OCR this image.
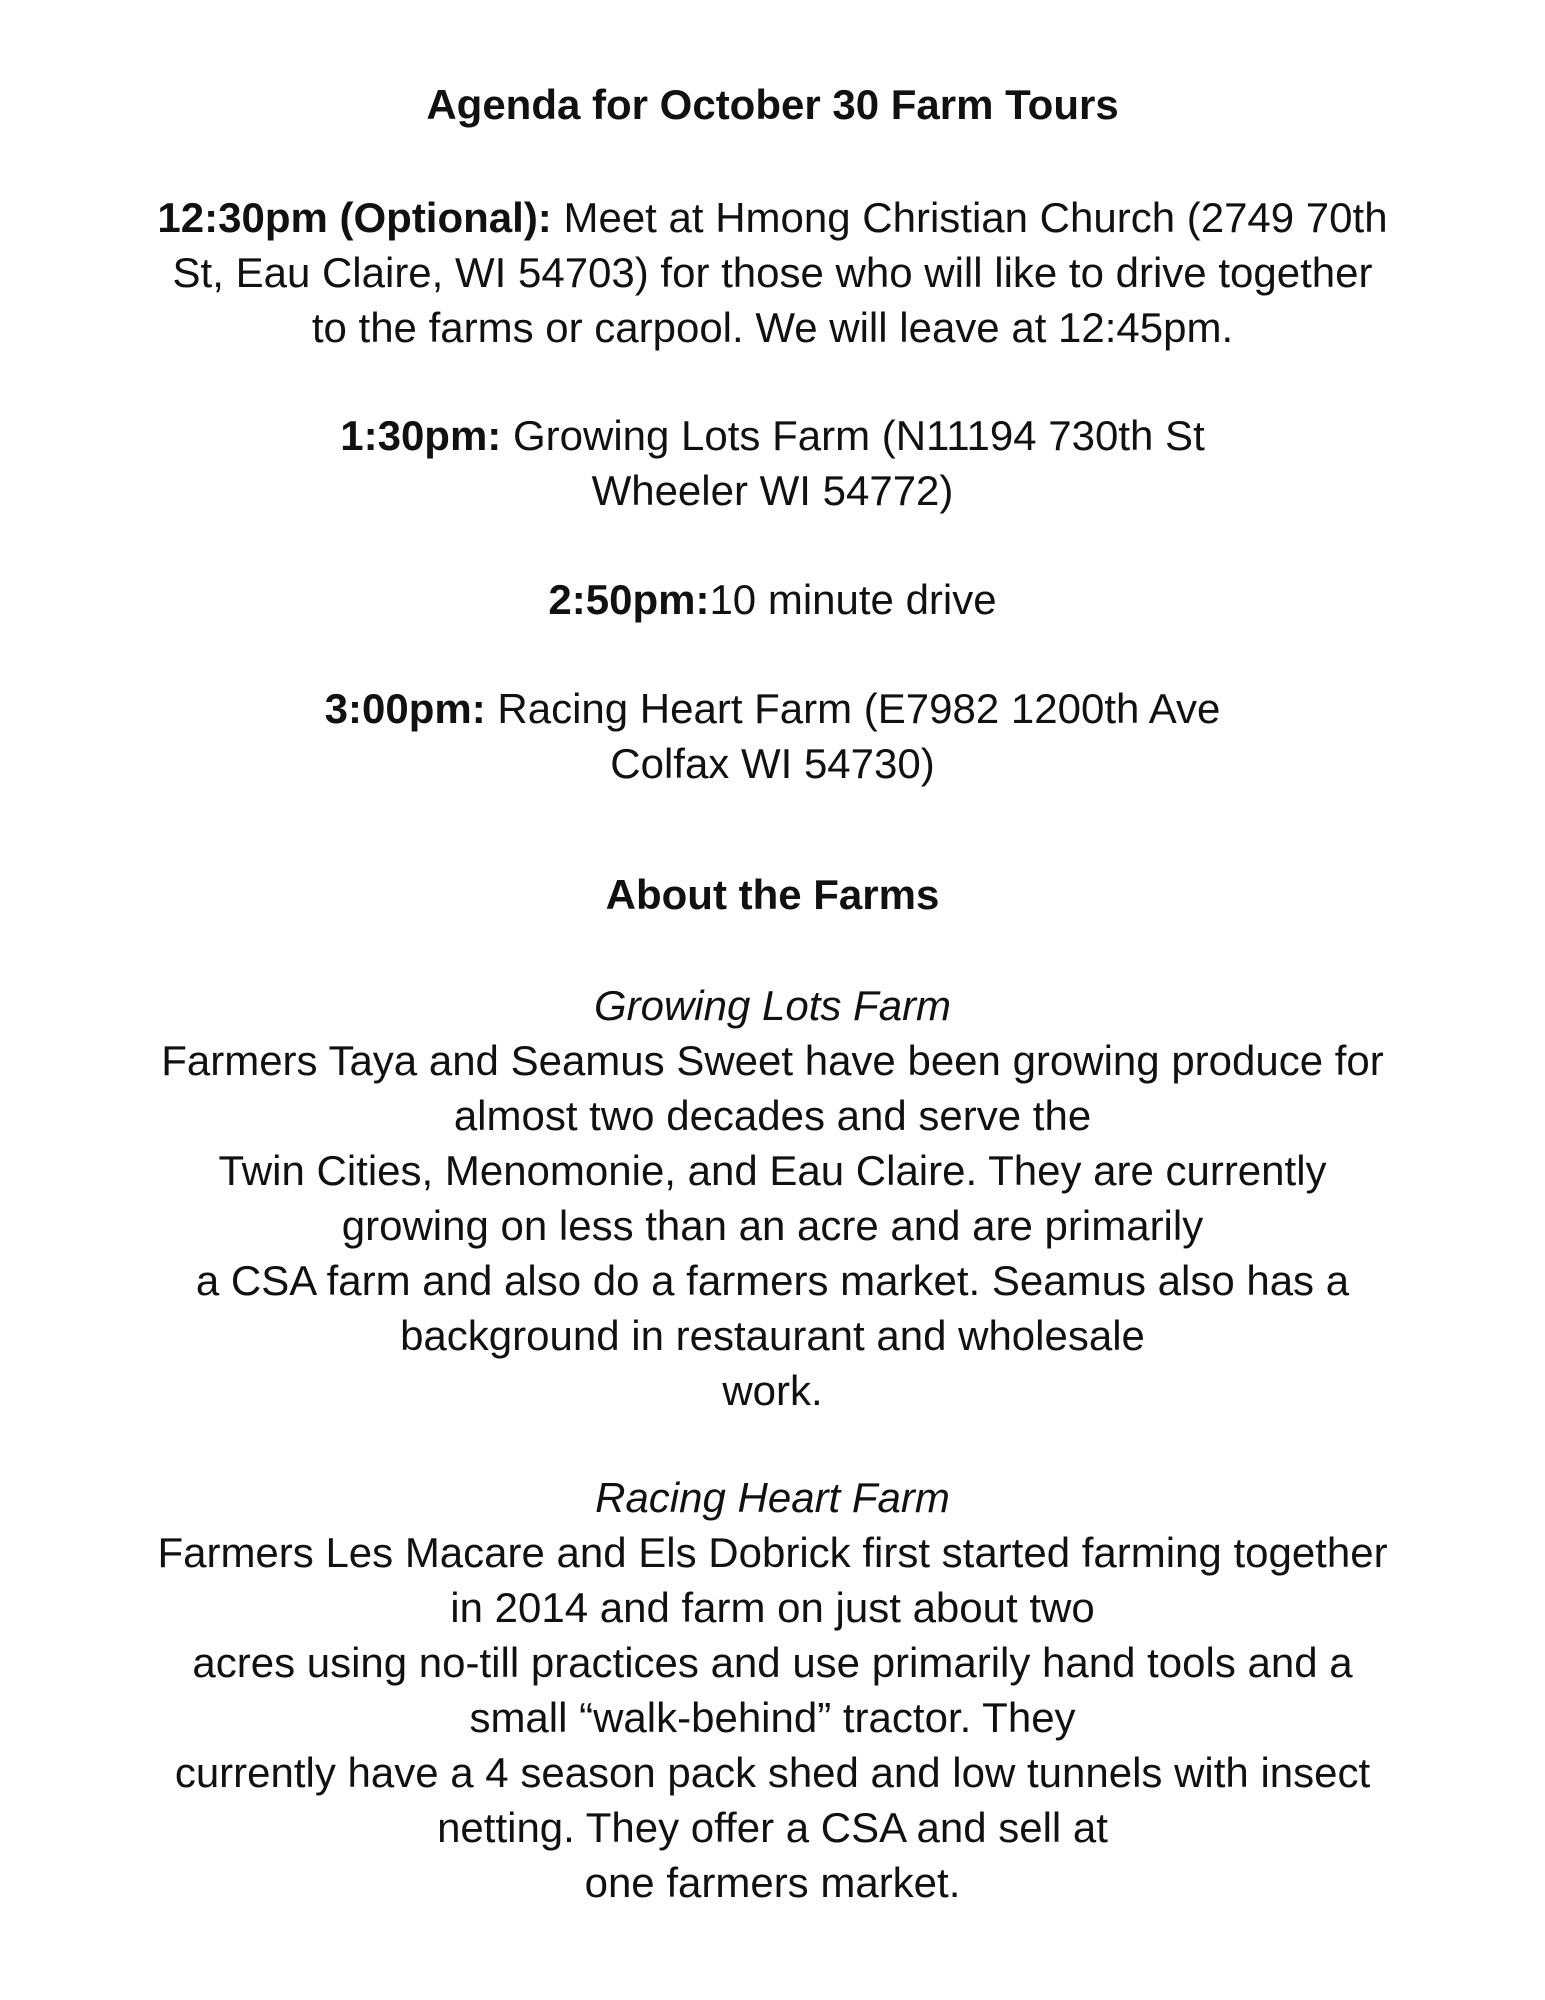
Agenda for October 30 Farm Tours

12:30pm (Optional): Meet at Hmong Christian Church (2749 70th
St, Eau Claire, WI 54703) for those who will like to drive together
to the farms or carpool. We will leave at 12:45pm.

1:30pm: Growing Lots Farm (N11194 730th St
Wheeler WI 54772)

2:50pm:10 minute drive

3:00pm: Racing Heart Farm (E7982 1200th Ave
Colfax WI 54730)

About the Farms

Growing Lots Farm
Farmers Taya and Seamus Sweet have been growing produce for
almost two decades and serve the
Twin Cities, Menomonie, and Eau Claire. They are currently
growing on less than an acre and are primarily
a CSA farm and also do a farmers market. Seamus also has a
background in restaurant and wholesale
work.

Racing Heart Farm
Farmers Les Macare and Els Dobrick first started farming together
in 2014 and farm on just about two
acres using no-till practices and use primarily hand tools and a
small “walk-behind” tractor. They
currently have a 4 season pack shed and low tunnels with insect
netting. They offer a CSA and sell at
one farmers market.
